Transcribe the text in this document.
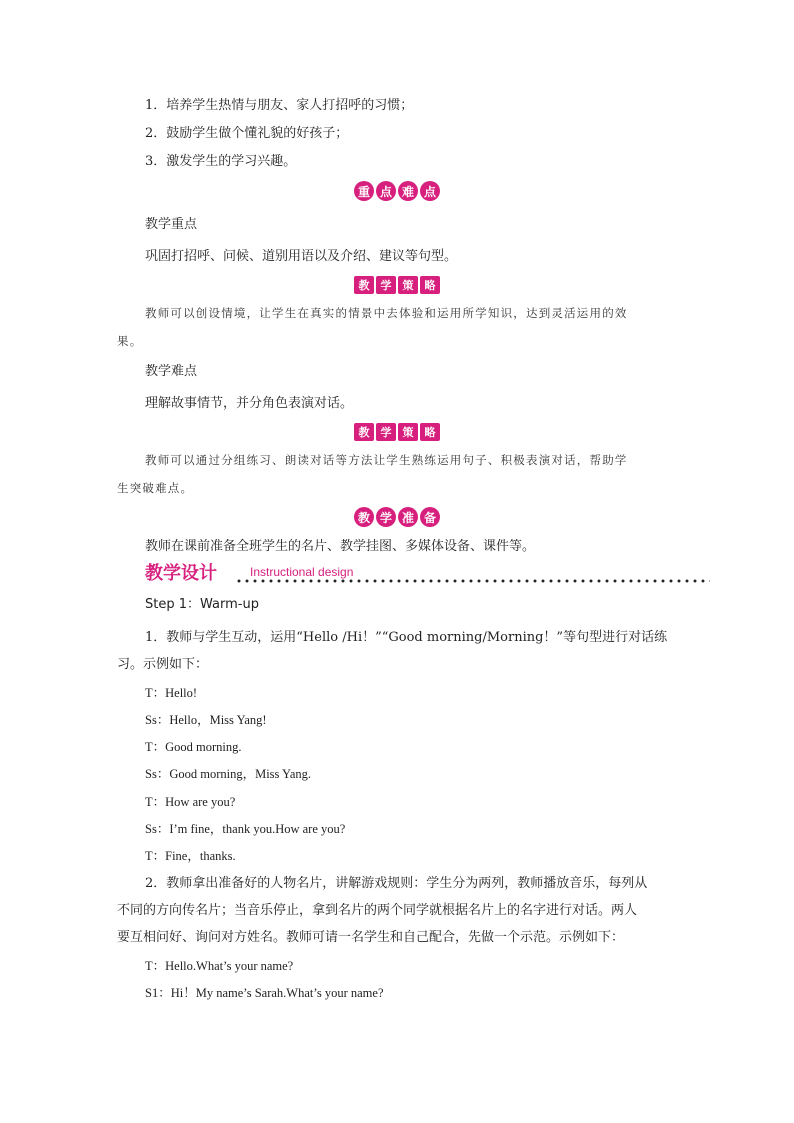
1．培养学生热情与朋友、家人打招呼的习惯；
2．鼓励学生做个懂礼貌的好孩子；
3．激发学生的学习兴趣。
重 点 难 点
教学重点
巩固打招呼、问候、道别用语以及介绍、建议等句型。
教	学	策	略
教师可以创设情境，让学生在真实的情景中去体验和运用所学知识，达到灵活运用的效
果。
教学难点
理解故事情节，并分角色表演对话。
教	学	策	略
教师可以通过分组练习、朗读对话等方法让学生熟练运用句子、积极表演对话，帮助学
生突破难点。
教 学 准 备
教师在课前准备全班学生的名片、教学挂图、多媒体设备、课件等。
教学设计	Instructional design
Step 1：Warm-up
1．教师与学生互动，运用“Hello /Hi！”“Good morning/Morning！”等句型进行对话练
习。示例如下：
T：Hello!
Ss：Hello，Miss Yang!
T：Good morning.
Ss：Good morning，Miss Yang.
T：How are you?
Ss：I’m fine，thank you.How are you?
T：Fine，thanks.
2．教师拿出准备好的人物名片，讲解游戏规则：学生分为两列，教师播放音乐，每列从
不同的方向传名片；当音乐停止，拿到名片的两个同学就根据名片上的名字进行对话。两人
要互相问好、询问对方姓名。教师可请一名学生和自己配合，先做一个示范。示例如下：
T：Hello.What’s your name?
S1：Hi！My name’s Sarah.What’s your name?
